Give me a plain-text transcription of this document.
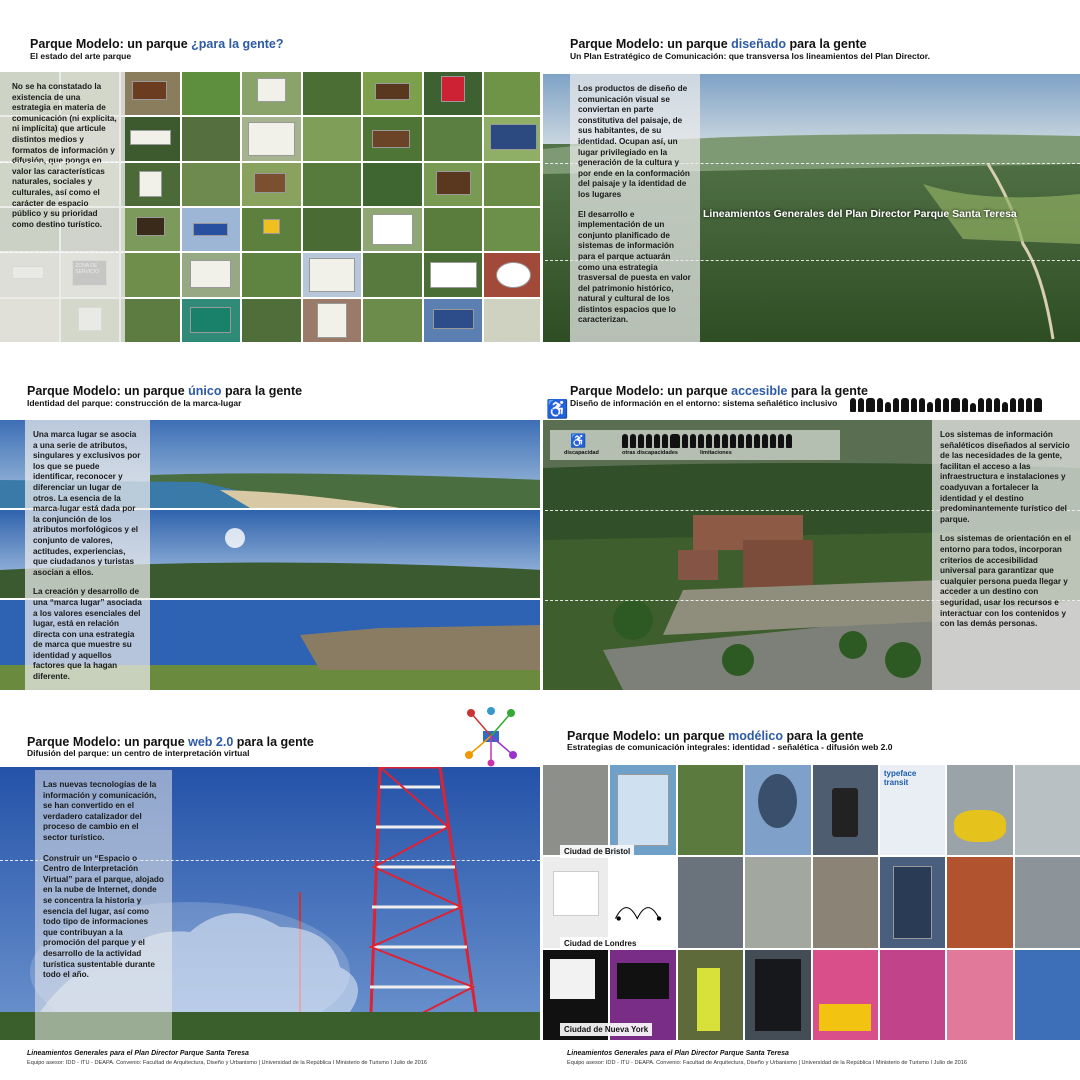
Parque Modelo: un parque ¿para la gente?
El estado del arte parque

No se ha constatado la existencia de una estrategia en materia de comunicación (ni explícita, ni implícita) que articule distintos medios y formatos de información y difusión, que ponga en valor las características naturales, sociales y culturales, así como el carácter de espacio público y su prioridad como destino turístico.

Parque Modelo: un parque diseñado para la gente
Un Plan Estratégico de Comunicación: que transversa los lineamientos del Plan Director.

Los productos de diseño de comunicación visual se conviertan en parte constitutiva del paisaje, de sus habitantes, de su identidad. Ocupan así, un lugar privilegiado en la generación de la cultura y por ende en la conformación del paisaje y la identidad de los lugares

El desarrollo e implementación de un conjunto planificado de sistemas de información para el parque actuarán como una estrategia trasversal de puesta en valor del patrimonio histórico, natural y cultural de los distintos espacios que lo caracterizan.

Lineamientos Generales del Plan Director Parque Santa Teresa
Parque Modelo: un parque único para la gente
Identidad del parque: construcción de la marca-lugar

Una marca lugar se asocia a una serie de atributos, singulares y exclusivos por los que se puede identificar, reconocer y diferenciar un lugar de otros. La esencia de la marca-lugar está dada por la conjunción de los atributos morfológicos y el conjunto de valores, actitudes, experiencias, que ciudadanos y turistas asocian a ellos.

La creación y desarrollo de una “marca lugar” asociada a los valores esenciales del lugar, está en relación directa con una estrategia de marca que muestre su identidad y aquellos factores que la hagan diferente.

♿
Parque Modelo: un parque accesible para la gente
Diseño de información en el entorno: sistema señalético inclusivo
♿
discapacidad	otras discapacidades	limitaciones

Los sistemas de información señaléticos diseñados al servicio de las necesidades de la gente, facilitan el acceso a las infraestructura e instalaciones y coadyuvan a fortalecer la identidad y el destino predominantemente turístico del parque.

Los sistemas de orientación en el entorno para todos, incorporan criterios de accesibilidad universal para garantizar que cualquier persona pueda llegar y acceder a un destino con seguridad, usar los recursos e interactuar con los contenidos y con las demás personas.

Parque Modelo: un parque web 2.0 para la gente
Difusión del parque: un centro de interpretación virtual

Las nuevas tecnologías de la información y comunicación, se han convertido en el verdadero catalizador del proceso de cambio en el sector turístico.

Construir un “Espacio o Centro de Interpretación Virtual” para el parque, alojado en la nube de Internet, donde se concentra la historia y esencia del lugar, así como todo tipo de informaciones que contribuyan a la promoción del parque y el desarrollo de la actividad turística sustentable durante todo el año.

Lineamientos Generales para el Plan Director Parque Santa Teresa
Equipo asesor: IDD - ITU - DEAPA. Convenio: Facultad de Arquitectura, Diseño y Urbanismo | Universidad de la República I Ministerio de Turismo I Julio de 2016
Parque Modelo: un parque modélico para la gente
Estrategias de comunicación integrales: identidad - señalética - difusión web 2.0
typeface transit
Ciudad de Bristol
Ciudad de Londres
Ciudad de Nueva York
Lineamientos Generales para el Plan Director Parque Santa Teresa
Equipo asesor: IDD - ITU - DEAPA. Convenio: Facultad de Arquitectura, Diseño y Urbanismo | Universidad de la República I Ministerio de Turismo I Julio de 2016
